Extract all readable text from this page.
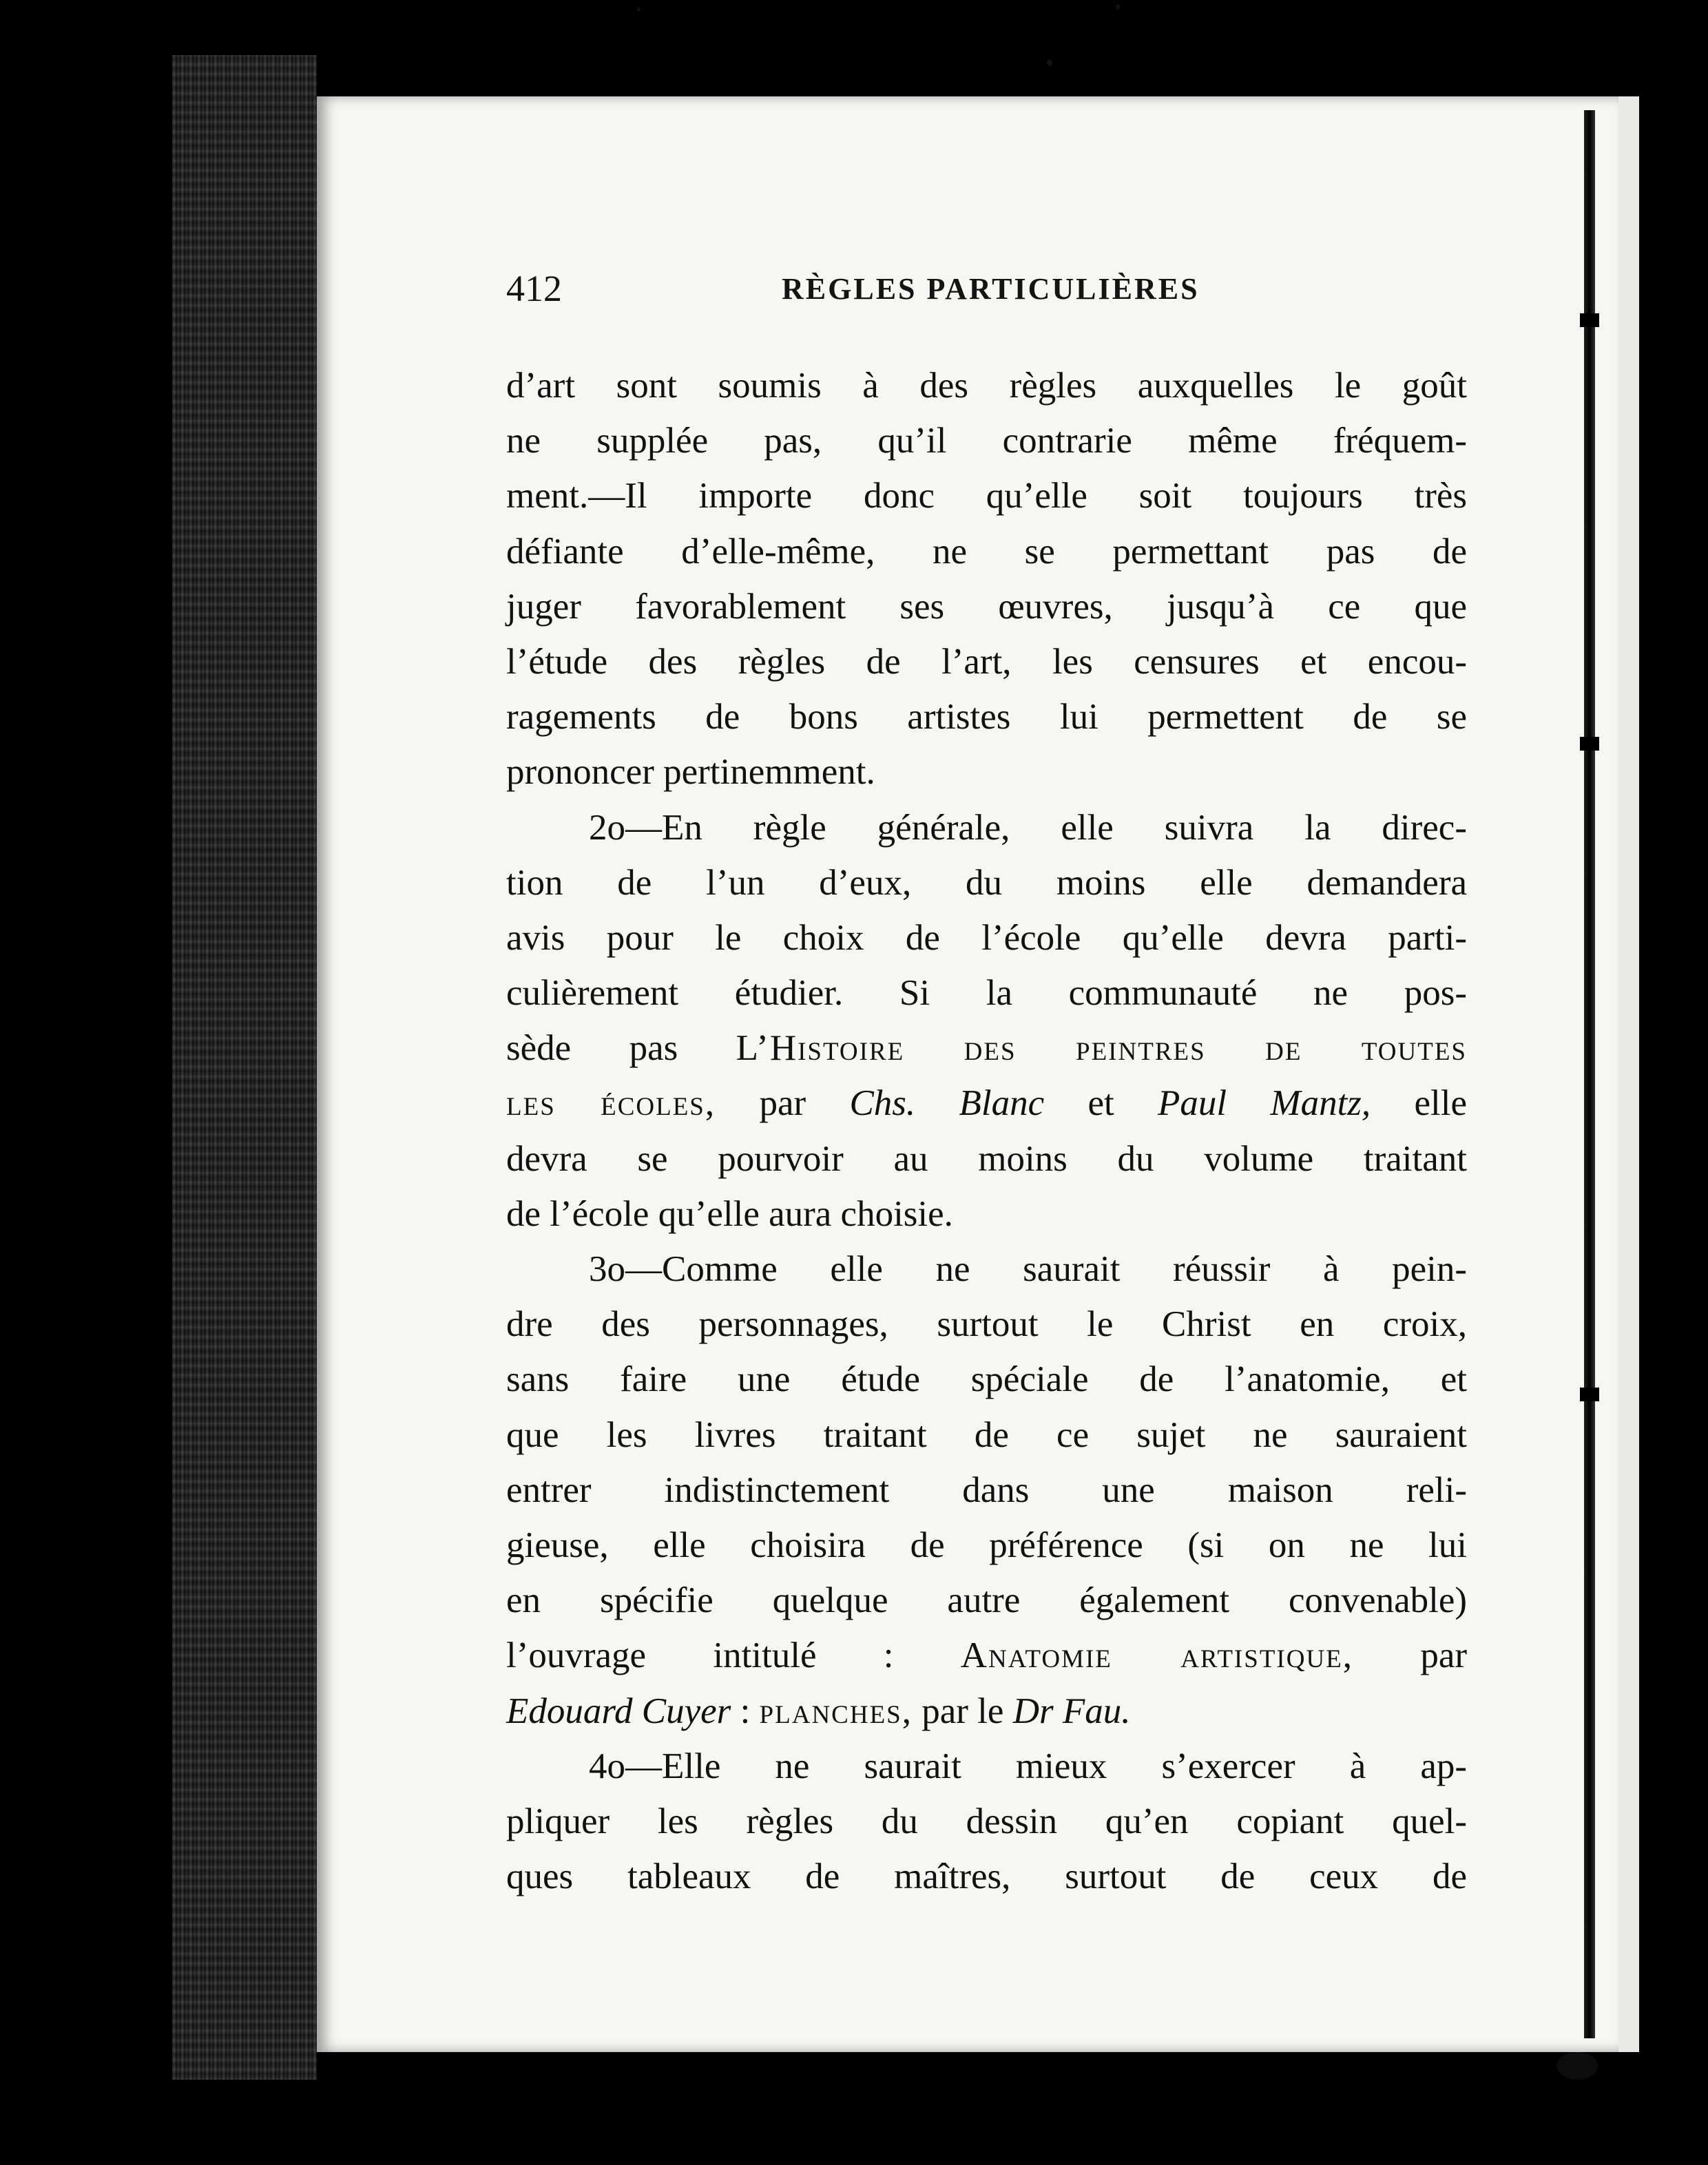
412	RÈGLES PARTICULIÈRES
d’art sont soumis à des règles auxquelles le goût
ne supplée pas, qu’il contrarie même fréquem-
ment.—Il importe donc qu’elle soit toujours très
défiante d’elle-même, ne se permettant pas de
juger favorablement ses œuvres, jusqu’à ce que
l’étude des règles de l’art, les censures et encou-
ragements de bons artistes lui permettent de se
prononcer pertinemment.
2o—En règle générale, elle suivra la direc-
tion de l’un d’eux, du moins elle demandera
avis pour le choix de l’école qu’elle devra parti-
culièrement étudier. Si la communauté ne pos-
sède pas L’Histoire des peintres de toutes
les écoles, par Chs. Blanc et Paul Mantz, elle
devra se pourvoir au moins du volume traitant
de l’école qu’elle aura choisie.
3o—Comme elle ne saurait réussir à pein-
dre des personnages, surtout le Christ en croix,
sans faire une étude spéciale de l’anatomie, et
que les livres traitant de ce sujet ne sauraient
entrer indistinctement dans une maison reli-
gieuse, elle choisira de préférence (si on ne lui
en spécifie quelque autre également convenable)
l’ouvrage intitulé : Anatomie artistique, par
Edouard Cuyer : planches, par le Dr Fau.
4o—Elle ne saurait mieux s’exercer à ap-
pliquer les règles du dessin qu’en copiant quel-
ques tableaux de maîtres, surtout de ceux de
